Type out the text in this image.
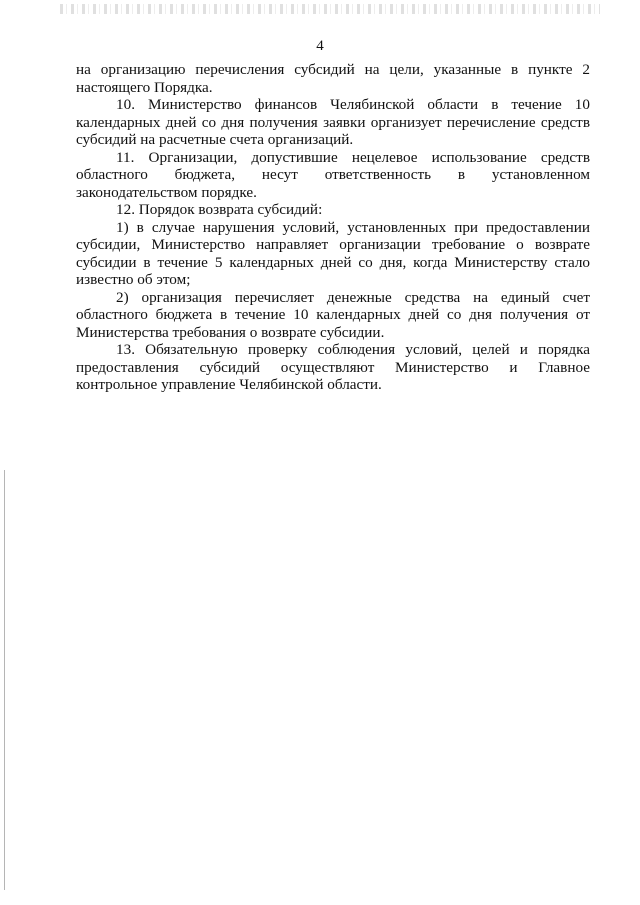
4

на организацию перечисления субсидий на цели, указанные в пункте 2 настоящего Порядка.

10. Министерство финансов Челябинской области в течение 10 календарных дней со дня получения заявки организует перечисление средств субсидий на расчетные счета организаций.

11. Организации, допустившие нецелевое использование средств областного бюджета, несут ответственность в установленном законодательством порядке.

12. Порядок возврата субсидий:

1) в случае нарушения условий, установленных при предоставлении субсидии, Министерство направляет организации требование о возврате субсидии в течение 5 календарных дней со дня, когда Министерству стало известно об этом;

2) организация перечисляет денежные средства на единый счет областного бюджета в течение 10 календарных дней со дня получения от Министерства требования о возврате субсидии.

13. Обязательную проверку соблюдения условий, целей и порядка предоставления субсидий осуществляют Министерство и Главное контрольное управление Челябинской области.
